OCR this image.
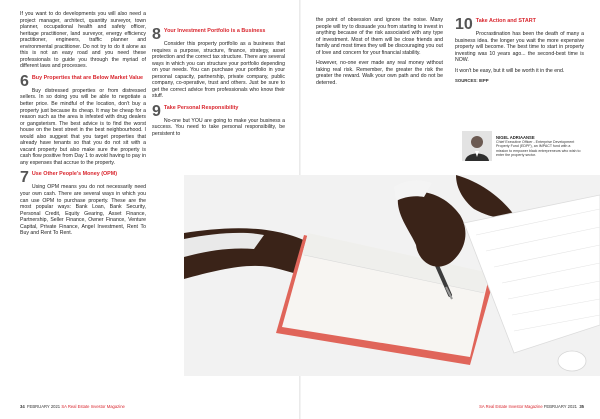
If you want to do developments you will also need a project manager, architect, quantity surveyor, town planner, occupational health and safety officer, heritage practitioner, land surveyor, energy efficiency practitioner, engineers, traffic planner and environmental practitioner. Do not try to do it alone as this is not an easy road and you need these professionals to guide you through the myriad of different laws and processes.

6 Buy Properties that are Below Market Value

Buy distressed properties or from distressed sellers. In so doing you will be able to negotiate a better price. Be mindful of the location, don't buy a property just because its cheap. It may be cheap for a reason such as the area is infested with drug dealers or gangsterism. The best advice is to find the worst house on the best street in the best neighbourhood. I would also suggest that you target properties that already have tenants so that you do not sit with a vacant property but also make sure the property is cash flow positive from Day 1 to avoid having to pay in any expenses that accrue to the property.

7 Use Other People's Money (OPM)

Using OPM means you do not necessarily need your own cash. There are several ways in which you can use OPM to purchase property. These are the most popular ways: Bank Loan, Bank Security, Personal Credit, Equity Gearing, Asset Finance, Partnership, Seller Finance, Owner Finance, Venture Capital, Private Finance, Angel Investment, Rent To Buy and Rent To Rent.

8 Your Investment Portfolio is a Business

Consider this property portfolio as a business that requires a purpose, structure, finance, strategy, asset protection and the correct tax structure. There are several ways in which you can structure your portfolio depending on your needs. You can purchase your portfolio in your personal capacity, partnership, private company, public company, co-operative, trust and others. Just be sure to get the correct advice from professionals who know their stuff.

9 Take Personal Responsibility

No-one but YOU are going to make your business a success. You need to take personal responsibility, be persistent to

the point of obsession and ignore the noise. Many people will try to dissuade you from starting to invest in anything because of the risk associated with any type of investment. Most of them will be close friends and family and most times they will be discouraging you out of love and concern for your financial stability.

However, no-one ever made any real money without taking real risk. Remember, the greater the risk the greater the reward. Walk your own path and do not be deterred.

10 Take Action and START

Procrastination has been the death of many a business idea. the longer you wait the more expensive property will become. The best time to start in property investing was 10 years ago... the second-best time is NOW.

It won't be easy, but it will be worth it in the end.

SOURCES: IEPP
NIGEL ADRIAANSE
Chief Executive Officer - Enterprise Development Property Fund (EDPF), an IMPACT fund with a mission to empower black entrepreneurs who wish to enter the property sector.
34 FEBRUARY 2021 SA Real Estate Investor Magazine	SA Real Estate Investor Magazine FEBRUARY 2021 35
